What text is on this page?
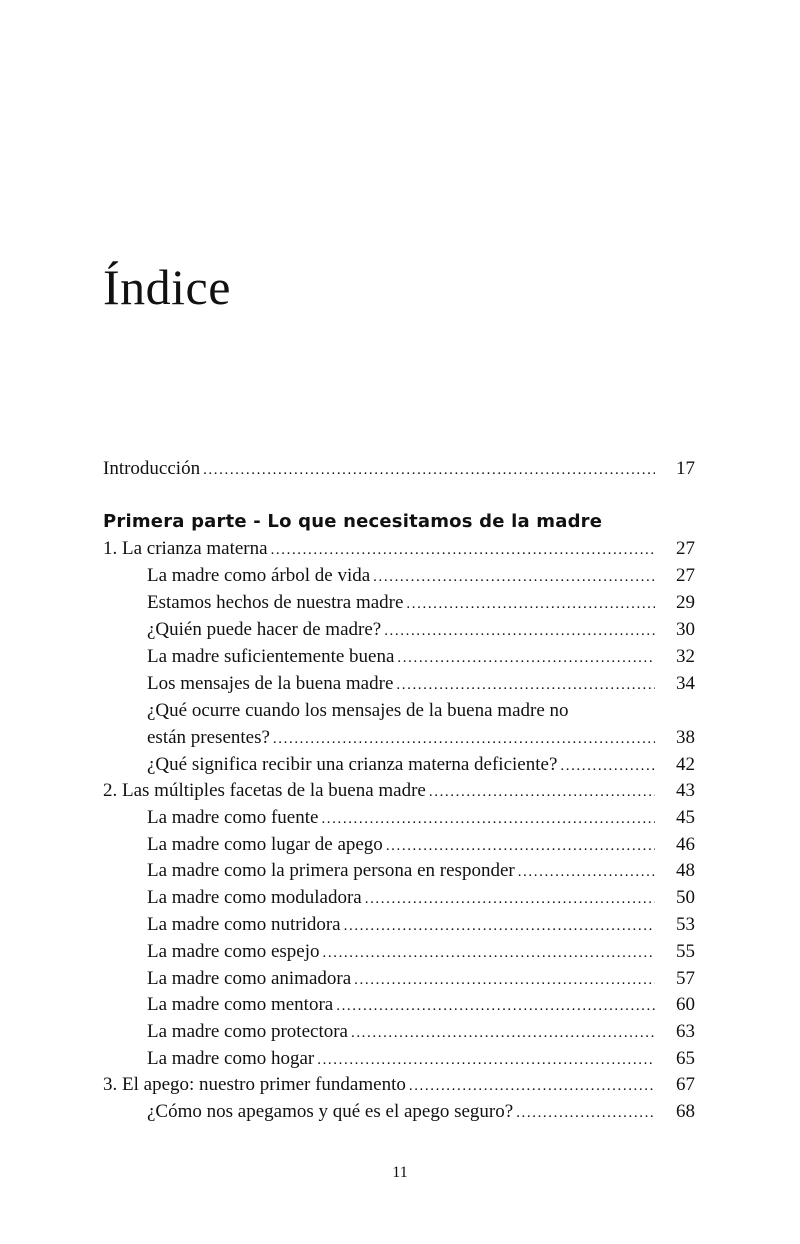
Índice
Introducción .....	17
Primera parte - Lo que necesitamos de la madre
1. La crianza materna .....	27
La madre como árbol de vida .....	27
Estamos hechos de nuestra madre .....	29
¿Quién puede hacer de madre? .....	30
La madre suficientemente buena .....	32
Los mensajes de la buena madre .....	34
¿Qué ocurre cuando los mensajes de la buena madre no
están presentes? .....	38
¿Qué significa recibir una crianza materna deficiente? .....	42
2. Las múltiples facetas de la buena madre .....	43
La madre como fuente .....	45
La madre como lugar de apego .....	46
La madre como la primera persona en responder .....	48
La madre como moduladora .....	50
La madre como nutridora .....	53
La madre como espejo .....	55
La madre como animadora .....	57
La madre como mentora .....	60
La madre como protectora .....	63
La madre como hogar .....	65
3. El apego: nuestro primer fundamento .....	67
¿Cómo nos apegamos y qué es el apego seguro? .....	68
11
